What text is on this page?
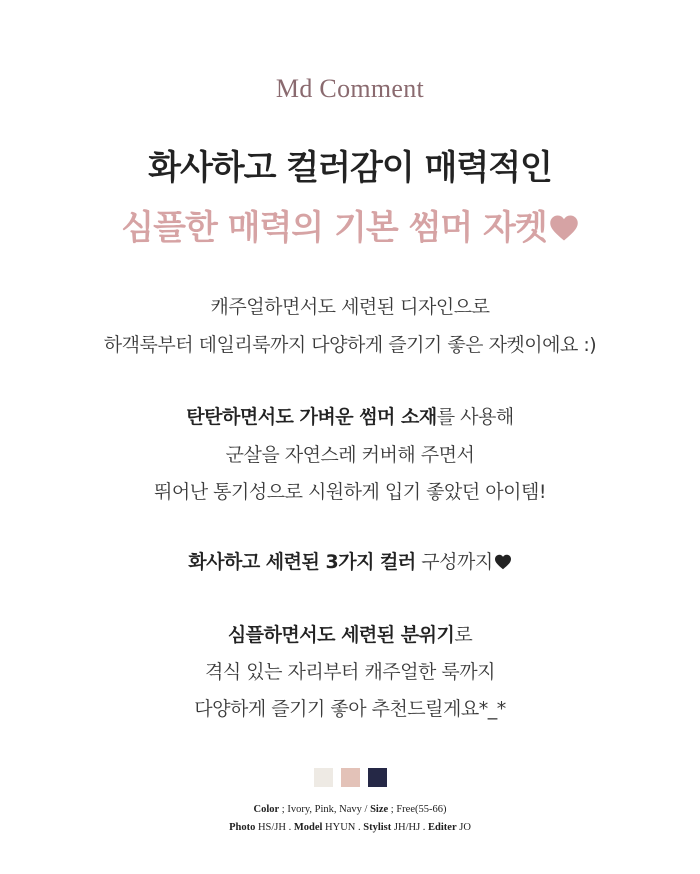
Md Comment
화사하고 컬러감이 매력적인
심플한 매력의 기본 썸머 자켓
캐주얼하면서도 세련된 디자인으로
하객룩부터 데일리룩까지 다양하게 즐기기 좋은 자켓이에요 :)
탄탄하면서도 가벼운 썸머 소재를 사용해
군살을 자연스레 커버해 주면서
뛰어난 통기성으로 시원하게 입기 좋았던 아이템!
화사하고 세련된 3가지 컬러 구성까지
심플하면서도 세련된 분위기로
격식 있는 자리부터 캐주얼한 룩까지
다양하게 즐기기 좋아 추천드릴게요*_*
Color ; Ivory, Pink, Navy / Size ; Free(55-66)
Photo HS/JH . Model HYUN . Stylist JH/HJ . Editer JO
